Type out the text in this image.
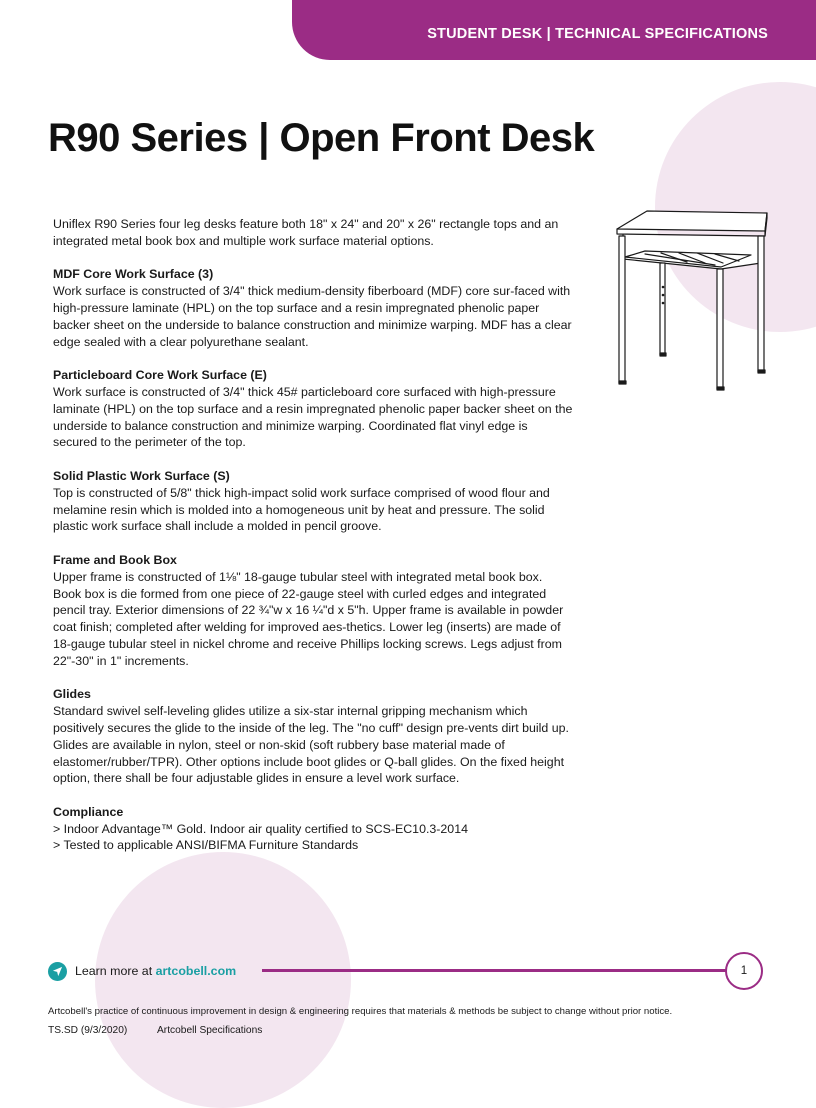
STUDENT DESK | TECHNICAL SPECIFICATIONS
R90 Series | Open Front Desk

Uniflex R90 Series four leg desks feature both 18" x 24" and 20" x 26" rectangle tops and an integrated metal book box and multiple work surface material options.

MDF Core Work Surface (3)

Work surface is constructed of 3/4" thick medium-density fiberboard (MDF) core sur-faced with high-pressure laminate (HPL) on the top surface and a resin impregnated phenolic paper backer sheet on the underside to balance construction and minimize warping. MDF has a clear edge sealed with a clear polyurethane sealant.

Particleboard Core Work Surface (E)

Work surface is constructed of 3/4" thick 45# particleboard core surfaced with high-pressure laminate (HPL) on the top surface and a resin impregnated phenolic paper backer sheet on the underside to balance construction and minimize warping. Coordinated flat vinyl edge is secured to the perimeter of the top.

Solid Plastic Work Surface (S)

Top is constructed of 5/8" thick high-impact solid work surface comprised of wood flour and melamine resin which is molded into a homogeneous unit by heat and pressure. The solid plastic work surface shall include a molded in pencil groove.

Frame and Book Box

Upper frame is constructed of 1⅛" 18-gauge tubular steel with integrated metal book box. Book box is die formed from one piece of 22-gauge steel with curled edges and integrated pencil tray. Exterior dimensions of 22 ¾"w x 16 ¼"d x 5"h. Upper frame is available in powder coat finish; completed after welding for improved aes-thetics. Lower leg (inserts) are made of 18-gauge tubular steel in nickel chrome and receive Phillips locking screws. Legs adjust from 22"-30" in 1" increments.

Glides

Standard swivel self-leveling glides utilize a six-star internal gripping mechanism which positively secures the glide to the inside of the leg. The "no cuff" design pre-vents dirt build up. Glides are available in nylon, steel or non-skid (soft rubbery base material made of elastomer/rubber/TPR). Other options include boot glides or Q-ball glides. On the fixed height option, there shall be four adjustable glides in ensure a level work surface.

Compliance

> Indoor Advantage™ Gold. Indoor air quality certified to SCS-EC10.3-2014

> Tested to applicable ANSI/BIFMA Furniture Standards

Learn more at artcobell.com	1
Artcobell's practice of continuous improvement in design & engineering requires that materials & methods be subject to change without prior notice.
TS.SD (9/3/2020)	Artcobell Specifications
